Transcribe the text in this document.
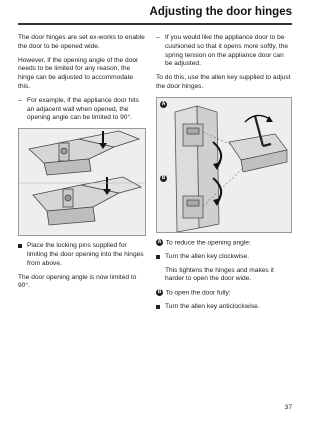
Adjusting the door hinges
The door hinges are set ex-works to enable the door to be opened wide.
However, if the opening angle of the door needs to be limited for any reason, the hinge can be adjusted to accommodate this.
– For example, if the appliance door hits an adjacent wall when opened, the opening angle can be limited to 90°.
Place the locking pins supplied for limiting the door opening into the hinges from above.
The door opening angle is now limited to 90°.
– If you would like the appliance door to be cushioned so that it opens more softly, the spring tension on the appliance door can be adjusted.
To do this, use the allen key supplied to adjust the door hinges.
A
B
A To reduce the opening angle:
Turn the allen key clockwise.
This tightens the hinges and makes it harder to open the door wide.
B To open the door fully:
Turn the allen key anticlockwise.
37
